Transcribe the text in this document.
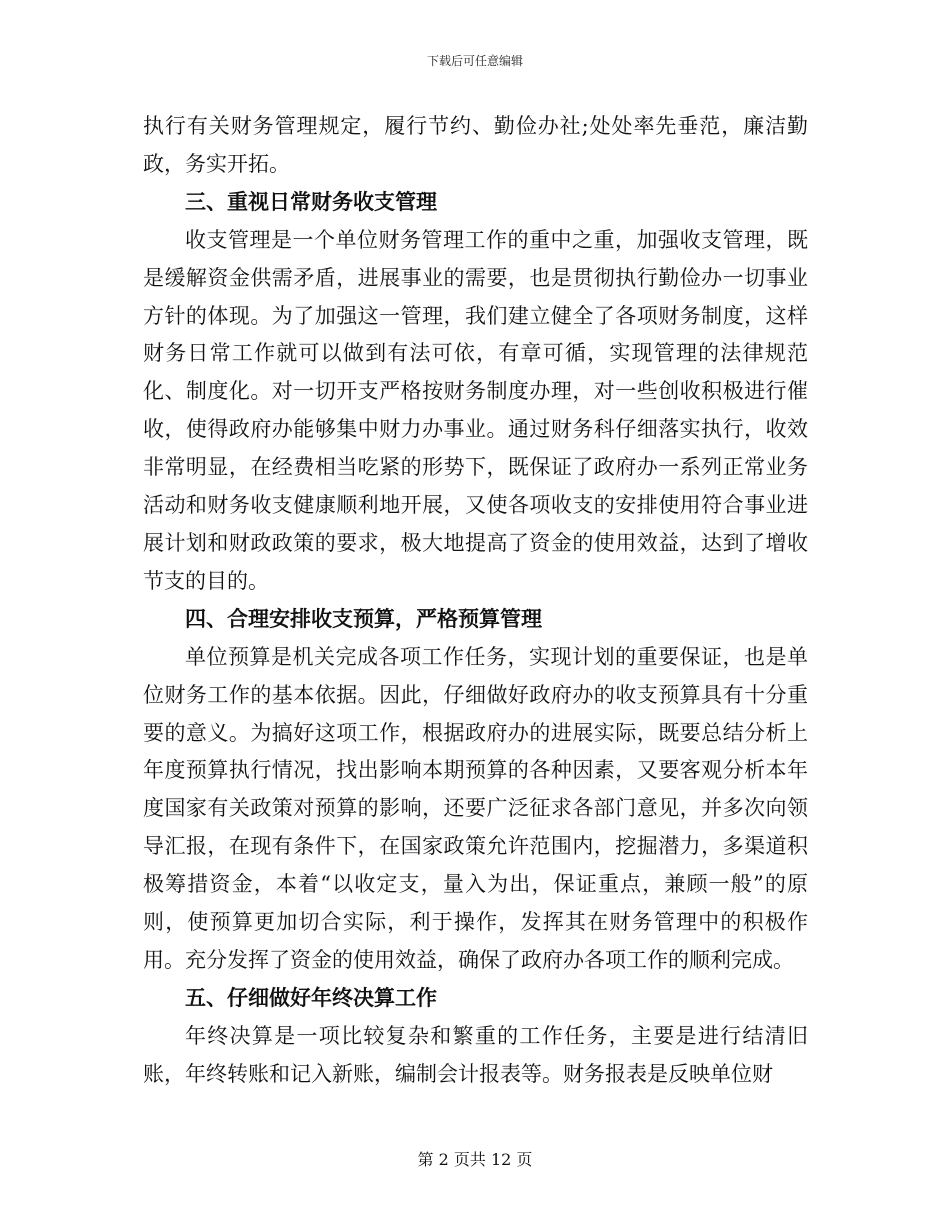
下载后可任意编辑

执行有关财务管理规定，履行节约、勤俭办社;处处率先垂范，廉洁勤政，务实开拓。

三、重视日常财务收支管理

收支管理是一个单位财务管理工作的重中之重，加强收支管理，既是缓解资金供需矛盾，进展事业的需要，也是贯彻执行勤俭办一切事业方针的体现。为了加强这一管理，我们建立健全了各项财务制度，这样财务日常工作就可以做到有法可依，有章可循，实现管理的法律规范化、制度化。对一切开支严格按财务制度办理，对一些创收积极进行催收，使得政府办能够集中财力办事业。通过财务科仔细落实执行，收效非常明显，在经费相当吃紧的形势下，既保证了政府办一系列正常业务活动和财务收支健康顺利地开展，又使各项收支的安排使用符合事业进展计划和财政政策的要求，极大地提高了资金的使用效益，达到了增收节支的目的。

四、合理安排收支预算，严格预算管理

单位预算是机关完成各项工作任务，实现计划的重要保证，也是单位财务工作的基本依据。因此，仔细做好政府办的收支预算具有十分重要的意义。为搞好这项工作，根据政府办的进展实际，既要总结分析上年度预算执行情况，找出影响本期预算的各种因素，又要客观分析本年度国家有关政策对预算的影响，还要广泛征求各部门意见，并多次向领导汇报，在现有条件下，在国家政策允许范围内，挖掘潜力，多渠道积极筹措资金，本着“以收定支，量入为出，保证重点，兼顾一般”的原则，使预算更加切合实际，利于操作，发挥其在财务管理中的积极作用。充分发挥了资金的使用效益，确保了政府办各项工作的顺利完成。

五、仔细做好年终决算工作

年终决算是一项比较复杂和繁重的工作任务，主要是进行结清旧账，年终转账和记入新账，编制会计报表等。财务报表是反映单位财

第 2 页共 12 页
